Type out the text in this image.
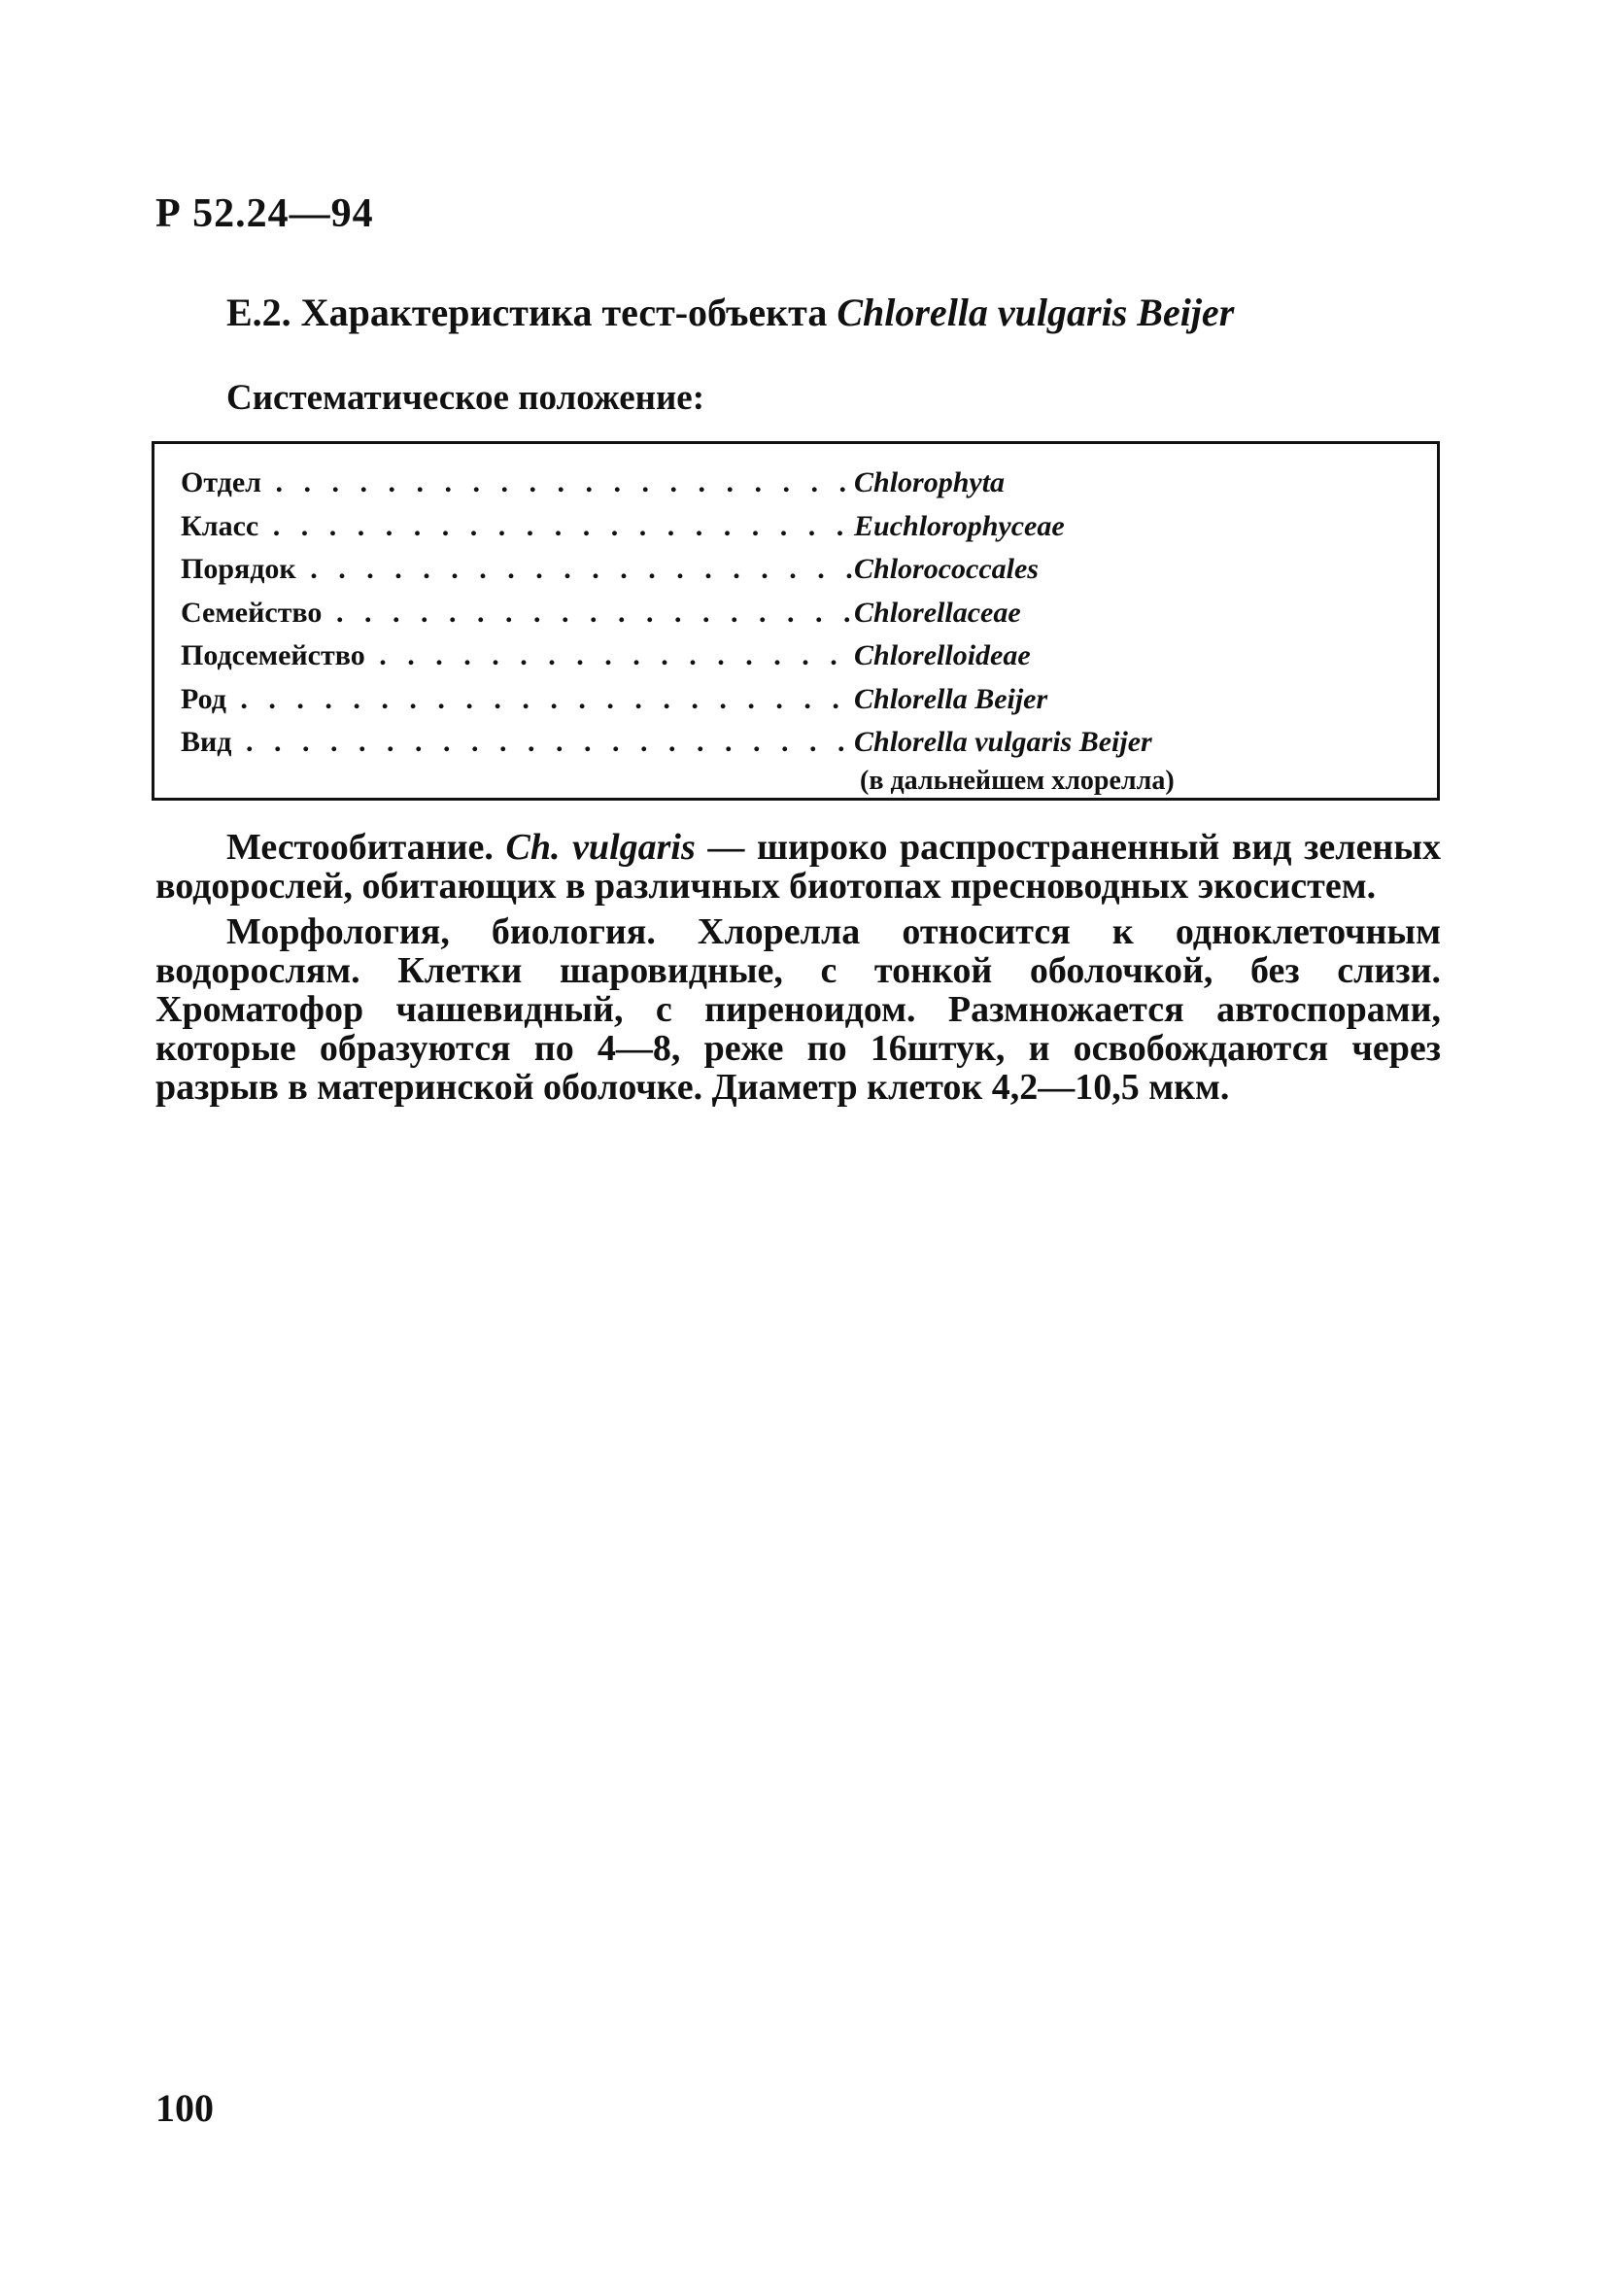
Р 52.24—94
Е.2. Характеристика тест-объекта Chlorella vulgaris Beijer
Систематическое положение:
Отдел . . .	Chlorophyta
Класс . . .	Euchlorophyceae
Порядок . . .	Chlorococcales
Семейство . . .	Chlorellaceae
Подсемейство . . .	Chlorelloideae
Род . . .	Chlorella Beijer
Вид . . .	Chlorella vulgaris Beijer
(в дальнейшем хлорелла)

Местообитание. Ch. vulgaris — широко распространенный вид зеленых водорослей, обитающих в различных биотопах пресноводных экосистем.

Морфология, биология. Хлорелла относится к одноклеточным водорослям. Клетки шаровидные, с тонкой оболочкой, без слизи. Хроматофор чашевидный, с пиреноидом. Размножается автоспорами, которые образуются по 4—8, реже по 16штук, и освобождаются через разрыв в материнской оболочке. Диаметр клеток 4,2—10,5 мкм.

100
